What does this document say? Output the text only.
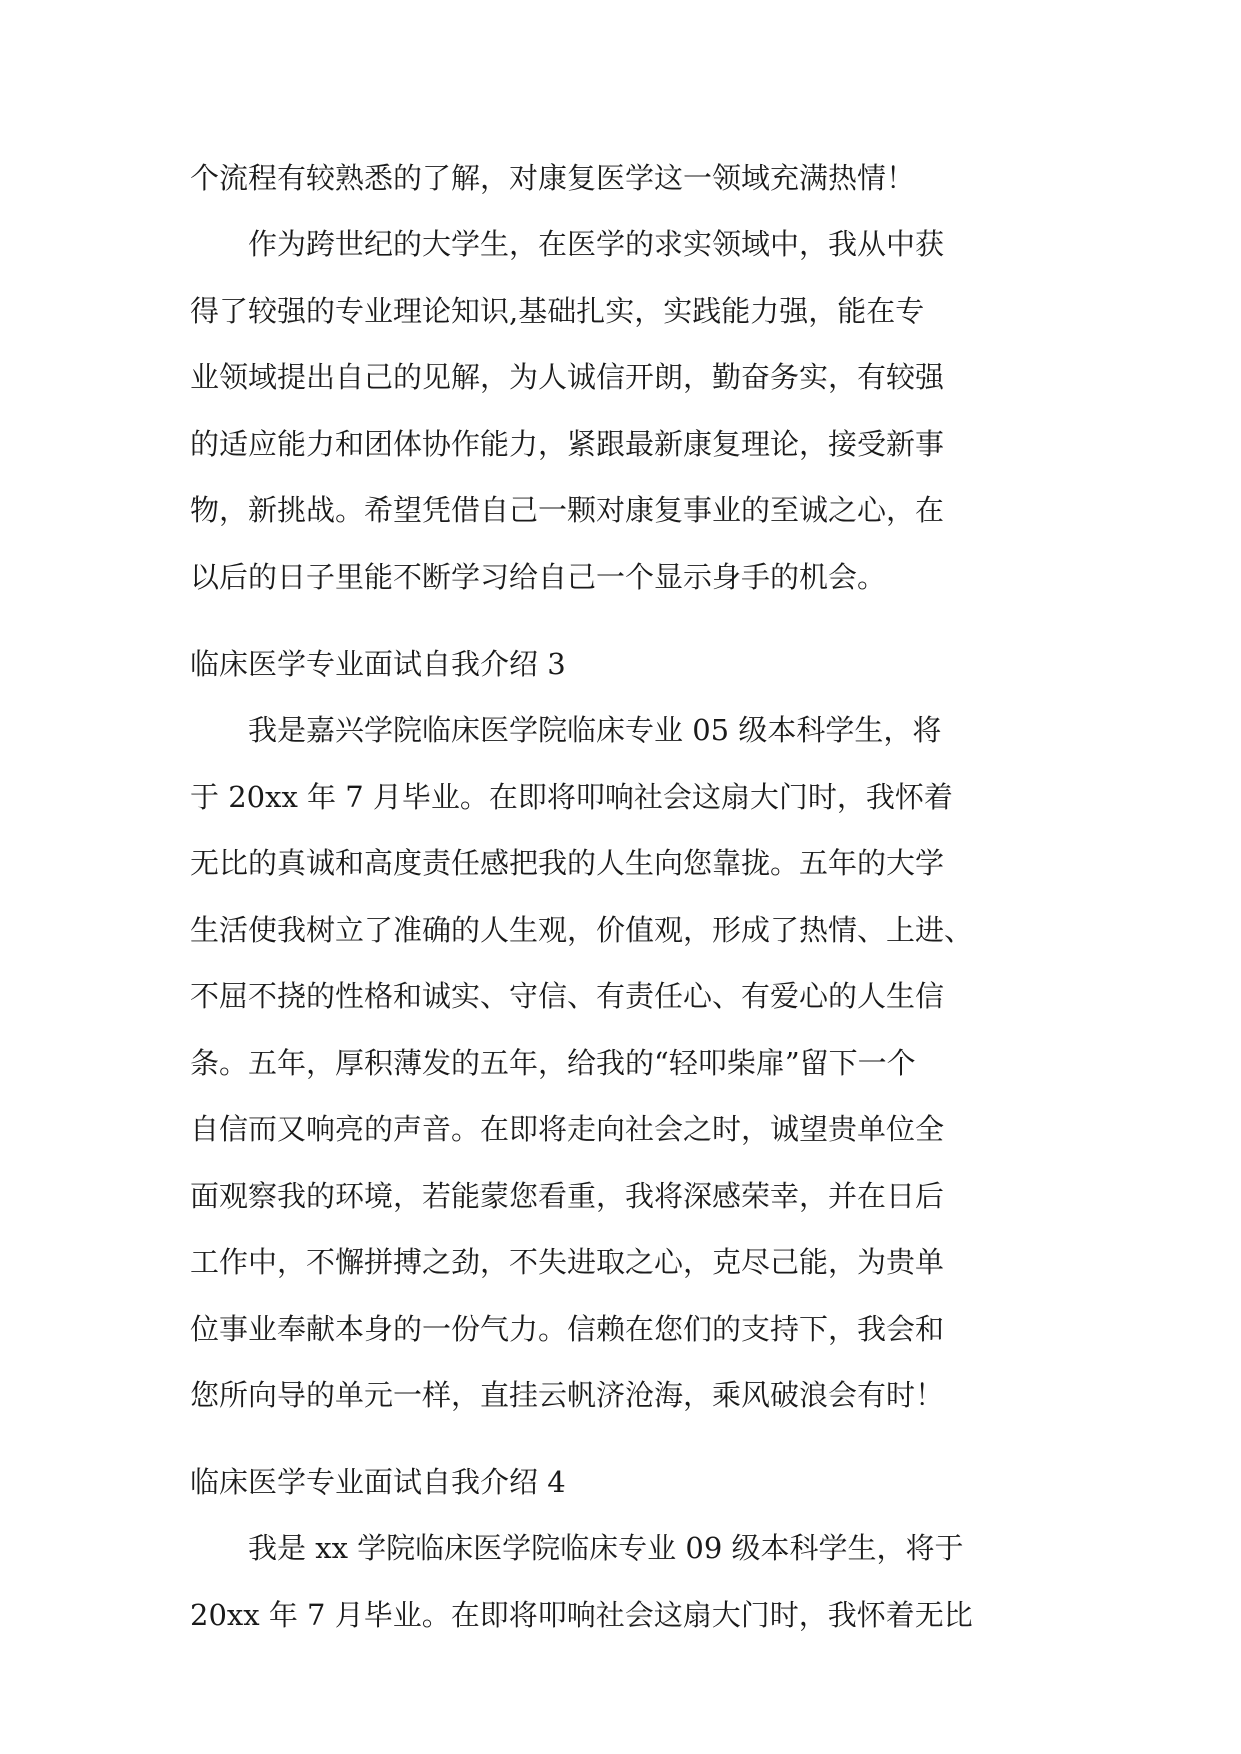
个流程有较熟悉的了解，对康复医学这一领域充满热情！
作为跨世纪的大学生，在医学的求实领域中，我从中获
得了较强的专业理论知识,基础扎实，实践能力强，能在专
业领域提出自己的见解，为人诚信开朗，勤奋务实，有较强
的适应能力和团体协作能力，紧跟最新康复理论，接受新事
物，新挑战。希望凭借自己一颗对康复事业的至诚之心，在
以后的日子里能不断学习给自己一个显示身手的机会。
临床医学专业面试自我介绍 3
我是嘉兴学院临床医学院临床专业 05 级本科学生，将
于 20xx 年 7 月毕业。在即将叩响社会这扇大门时，我怀着
无比的真诚和高度责任感把我的人生向您靠拢。五年的大学
生活使我树立了准确的人生观，价值观，形成了热情、上进、
不屈不挠的性格和诚实、守信、有责任心、有爱心的人生信
条。五年，厚积薄发的五年，给我的“轻叩柴扉”留下一个
自信而又响亮的声音。在即将走向社会之时，诚望贵单位全
面观察我的环境，若能蒙您看重，我将深感荣幸，并在日后
工作中，不懈拼搏之劲，不失进取之心，克尽己能，为贵单
位事业奉献本身的一份气力。信赖在您们的支持下，我会和
您所向导的单元一样，直挂云帆济沧海，乘风破浪会有时！
临床医学专业面试自我介绍 4
我是 xx 学院临床医学院临床专业 09 级本科学生，将于
20xx 年 7 月毕业。在即将叩响社会这扇大门时，我怀着无比
